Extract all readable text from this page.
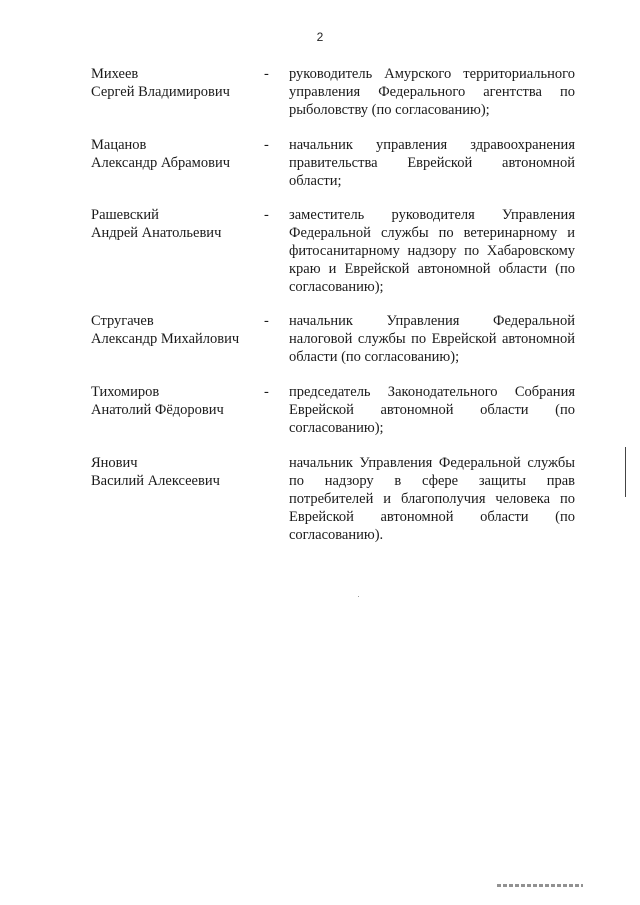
2
Михеев
Сергей Владимирович
-	руководитель Амурского территориального управления Федерального агентства по рыболовству (по согласованию);
Мацанов
Александр Абрамович
-	начальник управления здравоохранения правительства Еврейской автономной области;
Рашевский
Андрей Анатольевич
-	заместитель руководителя Управления Федеральной службы по ветеринарному и фитосанитарному надзору по Хабаровскому краю и Еврейской автономной области (по согласованию);
Стругачев
Александр Михайлович
-	начальник Управления Федеральной налоговой службы по Еврейской автономной области (по согласованию);
Тихомиров
Анатолий Фёдорович
-	председатель Законодательного Собрания Еврейской автономной области (по согласованию);
Янович
Василий Алексеевич
начальник Управления Федеральной службы по надзору в сфере защиты прав потребителей и благополучия человека по Еврейской автономной области (по согласованию).
